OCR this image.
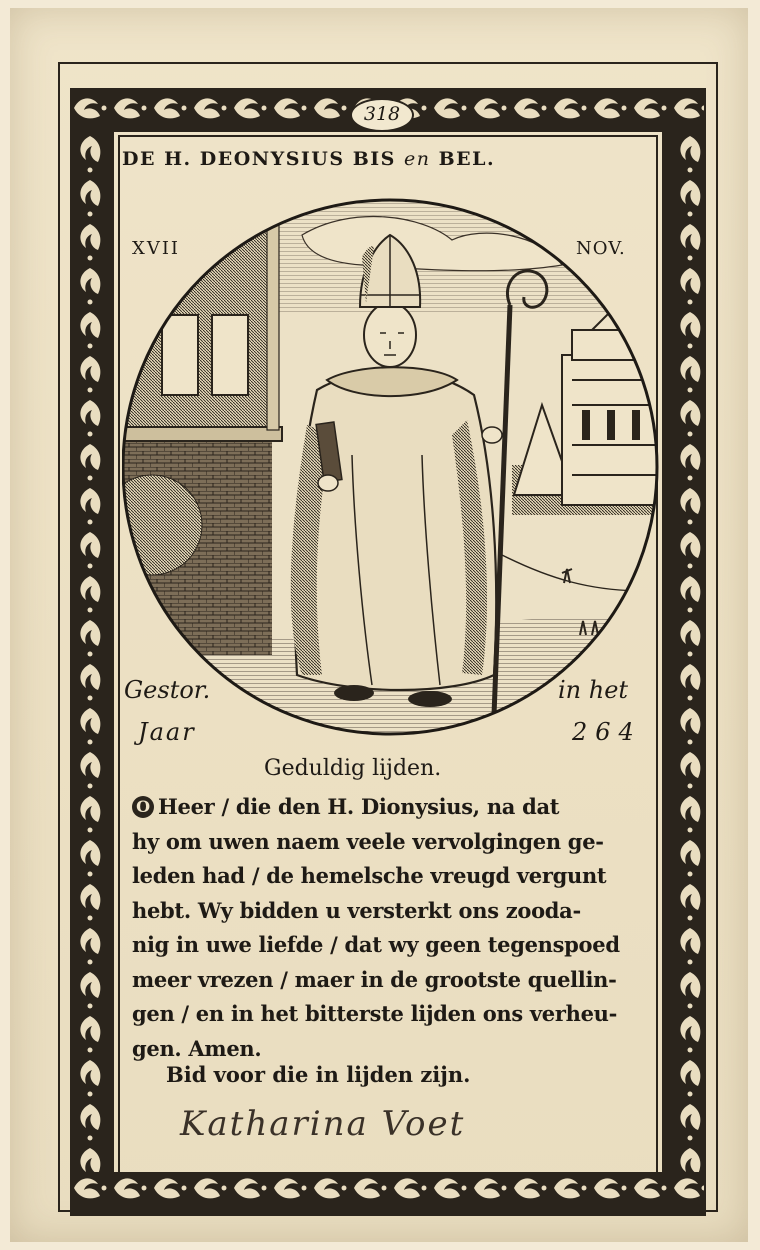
318
DE H. DEONYSIUS BIS en BEL.
XVII	NOV.
Gestor.	in het
Jaar	264
Geduldig lijden.
O Heer / die den H. Dionysius, na dat
hy om uwen naem veele vervolgingen ge-
leden had / de hemelsche vreugd vergunt
hebt. Wy bidden u versterkt ons zooda-
nig in uwe liefde / dat wy geen tegenspoed
meer vrezen / maer in de grootste quellin-
gen / en in het bitterste lijden ons verheu-
gen. Amen.
Bid voor die in lijden zijn.
Katharina Voet
